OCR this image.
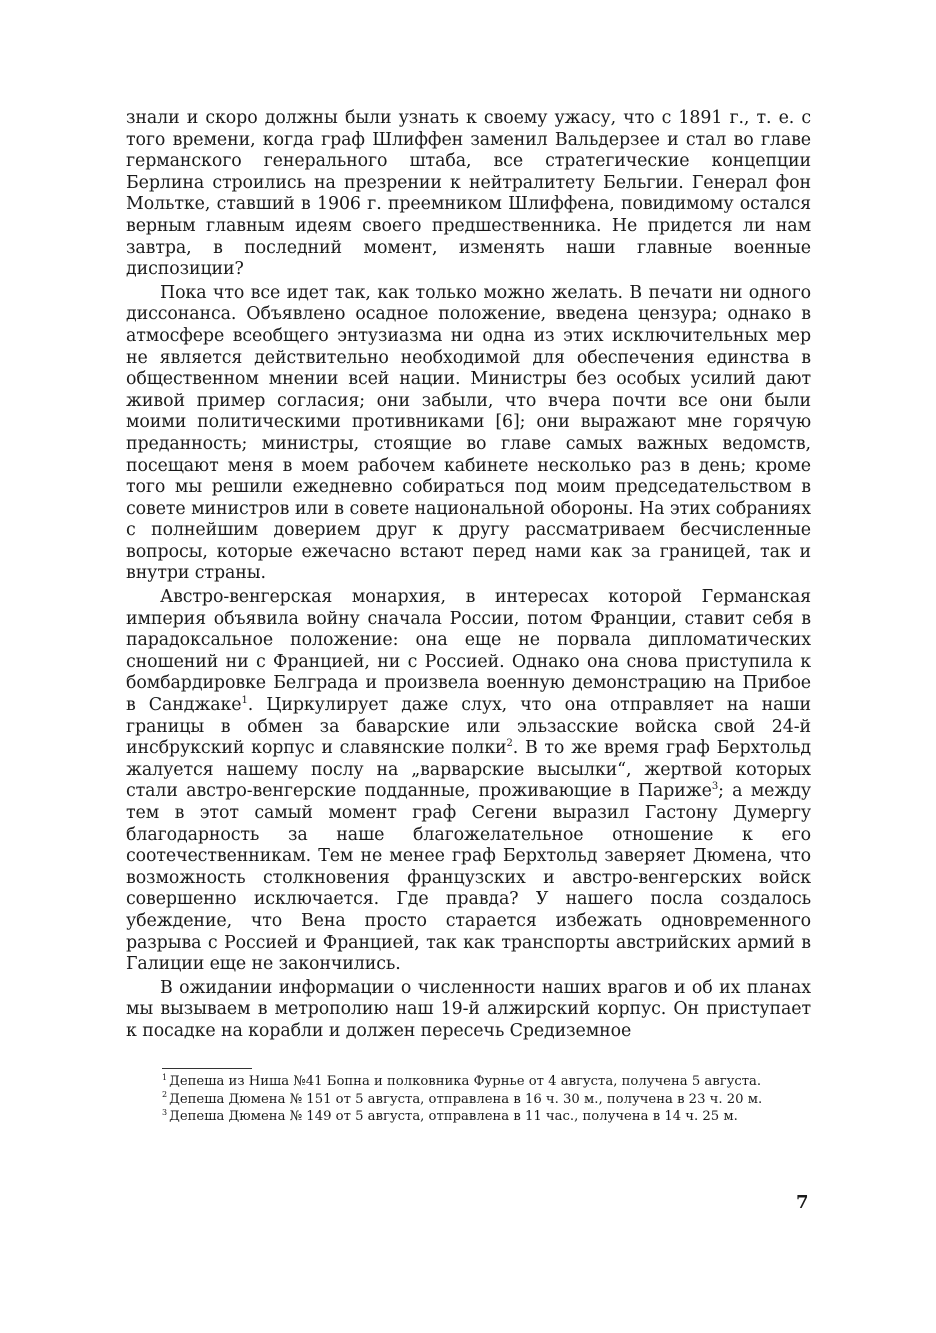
знали и скоро должны были узнать к своему ужасу, что с 1891 г., т. е. с того времени, когда граф Шлиффен заменил Вальдерзее и стал во главе германского генерального штаба, все стратегические концепции Берлина строились на презрении к нейтралитету Бельгии. Генерал фон Мольтке, ставший в 1906 г. преемником Шлиффена, повидимому остался верным главным идеям своего предшественника. Не придется ли нам завтра, в последний момент, изменять наши главные военные диспозиции?

Пока что все идет так, как только можно желать. В печати ни одного диссонанса. Объявлено осадное положение, введена цензура; однако в атмосфере всеобщего энтузиазма ни одна из этих исключительных мер не является действительно необходимой для обеспечения единства в общественном мнении всей нации. Министры без особых усилий дают живой пример согласия; они забыли, что вчера почти все они были моими политическими противниками [6]; они выражают мне горячую преданность; министры, стоящие во главе самых важных ведомств, посещают меня в моем рабочем кабинете несколько раз в день; кроме того мы решили ежедневно собираться под моим председательством в совете министров или в совете национальной обороны. На этих собраниях с полнейшим доверием друг к другу рассматриваем бесчисленные вопросы, которые ежечасно встают перед нами как за границей, так и внутри страны.

Австро-венгерская монархия, в интересах которой Германская империя объявила войну сначала России, потом Франции, ставит себя в парадоксальное положение: она еще не порвала дипломатических сношений ни с Францией, ни с Россией. Однако она снова приступила к бомбардировке Белграда и произвела военную демонстрацию на Прибое в Санджаке$^1$. Циркулирует даже слух, что она отправляет на наши границы в обмен за баварские или эльзасские войска свой 24-й инсбрукский корпус и славянские полки$^2$. В то же время граф Берхтольд жалуется нашему послу на „варварские высылки“, жертвой которых стали австро-венгерские подданные, проживающие в Париже$^3$; а между тем в этот самый момент граф Сегени выразил Гастону Думергу благодарность за наше благожелательное отношение к его соотечественникам. Тем не менее граф Берхтольд заверяет Дюмена, что возможность столкновения французских и австро-венгерских войск совершенно исключается. Где правда? У нашего посла создалось убеждение, что Вена просто старается избежать одновременного разрыва с Россией и Францией, так как транспорты австрийских армий в Галиции еще не закончились.

В ожидании информации о численности наших врагов и об их планах мы вызываем в метрополию наш 19-й алжирский корпус. Он приступает к посадке на корабли и должен пересечь Средиземное

$^1$ Депеша из Ниша №41 Бопна и полковника Фурнье от 4 августа, получена 5 августа.

$^2$ Депеша Дюмена № 151 от 5 августа, отправлена в 16 ч. 30 м., получена в 23 ч. 20 м.

$^3$ Депеша Дюмена № 149 от 5 августа, отправлена в 11 час., получена в 14 ч. 25 м.

7
